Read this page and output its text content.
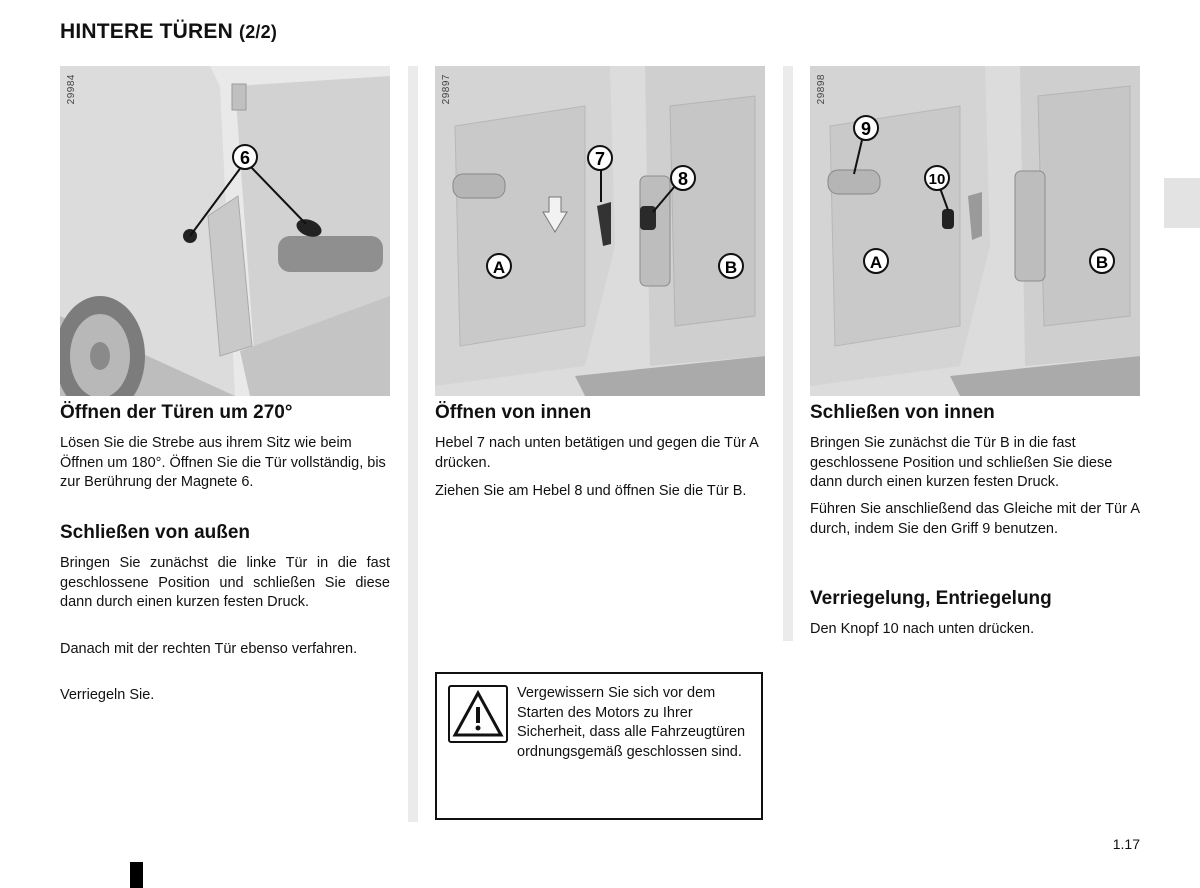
HINTERE TÜREN (2/2)
6
29984
7
8
A	B
29897
9
10
A	B
29898
Öffnen der Türen um 270°

Lösen Sie die Strebe aus ihrem Sitz wie beim Öffnen um 180°. Öffnen Sie die Tür vollständig, bis zur Berührung der Magnete 6.

Schließen von außen

Bringen Sie zunächst die linke Tür in die fast geschlossene Position und schließen Sie diese dann durch einen kurzen festen Druck.

Danach mit der rechten Tür ebenso verfahren.

Verriegeln Sie.

Öffnen von innen

Hebel 7 nach unten betätigen und gegen die Tür A drücken.

Ziehen Sie am Hebel 8 und öffnen Sie die Tür B.

Vergewissern Sie sich vor dem Starten des Motors zu Ihrer Sicherheit, dass alle Fahrzeugtüren ordnungsgemäß geschlossen sind.
Schließen von innen

Bringen Sie zunächst die Tür B in die fast geschlossene Position und schließen Sie diese dann durch einen kurzen festen Druck.

Führen Sie anschließend das Gleiche mit der Tür A durch, indem Sie den Griff 9 benutzen.

Verriegelung, Entriegelung

Den Knopf 10 nach unten drücken.

1.17
